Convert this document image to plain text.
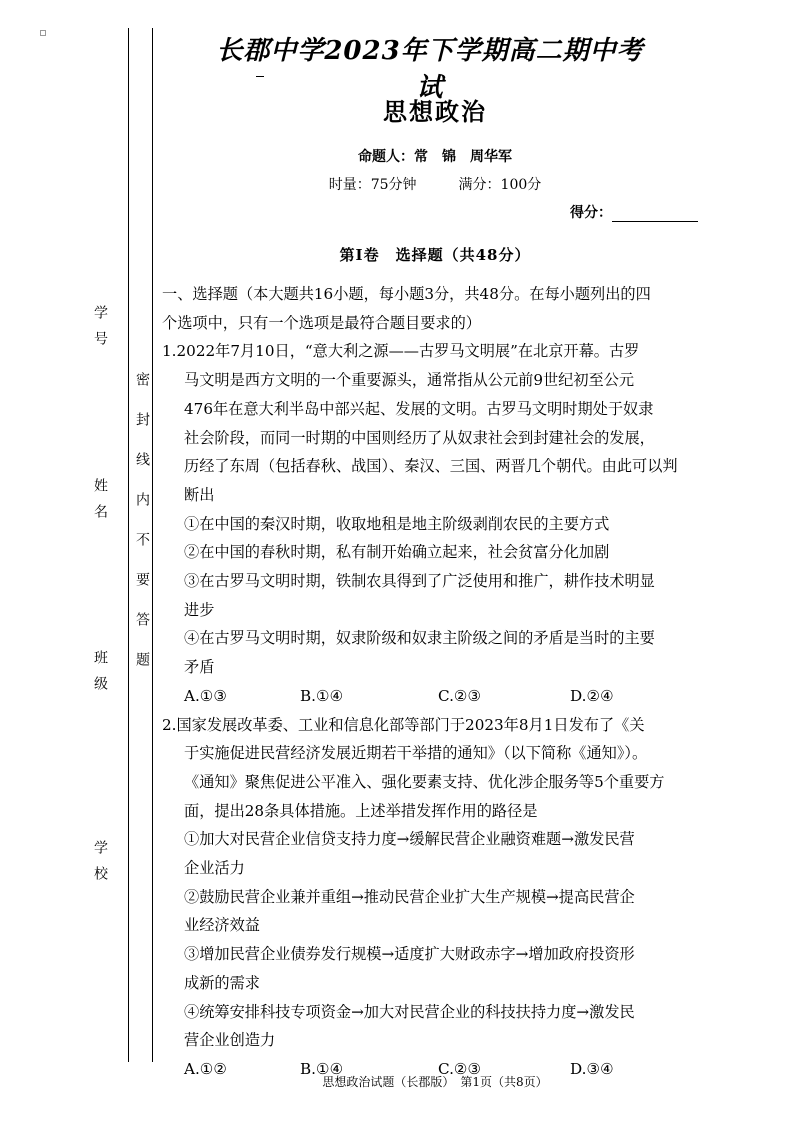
学号
姓名
班级
学校
密封线内不要答题
长郡中学2023年下学期高二期中考试
思想政治
命题人：常　锦　周华军
时量：75分钟　　　满分：100分
得分：
第Ⅰ卷　选择题（共48分）

一、选择题（本大题共16小题，每小题3分，共48分。在每小题列出的四

个选项中，只有一个选项是最符合题目要求的）

1.2022年7月10日，“意大利之源——古罗马文明展”在北京开幕。古罗

马文明是西方文明的一个重要源头，通常指从公元前9世纪初至公元

476年在意大利半岛中部兴起、发展的文明。古罗马文明时期处于奴隶

社会阶段，而同一时期的中国则经历了从奴隶社会到封建社会的发展，

历经了东周（包括春秋、战国）、秦汉、三国、两晋几个朝代。由此可以判

断出

①在中国的秦汉时期，收取地租是地主阶级剥削农民的主要方式

②在中国的春秋时期，私有制开始确立起来，社会贫富分化加剧

③在古罗马文明时期，铁制农具得到了广泛使用和推广，耕作技术明显

进步

④在古罗马文明时期，奴隶阶级和奴隶主阶级之间的矛盾是当时的主要

矛盾

A.①③	B.①④	C.②③	D.②④

2.国家发展改革委、工业和信息化部等部门于2023年8月1日发布了《关

于实施促进民营经济发展近期若干举措的通知》（以下简称《通知》）。

《通知》聚焦促进公平准入、强化要素支持、优化涉企服务等5个重要方

面，提出28条具体措施。上述举措发挥作用的路径是

①加大对民营企业信贷支持力度→缓解民营企业融资难题→激发民营

企业活力

②鼓励民营企业兼并重组→推动民营企业扩大生产规模→提高民营企

业经济效益

③增加民营企业债券发行规模→适度扩大财政赤字→增加政府投资形

成新的需求

④统筹安排科技专项资金→加大对民营企业的科技扶持力度→激发民

营企业创造力

A.①②	B.①④	C.②③	D.③④

思想政治试题（长郡版）　第1页（共8页）
